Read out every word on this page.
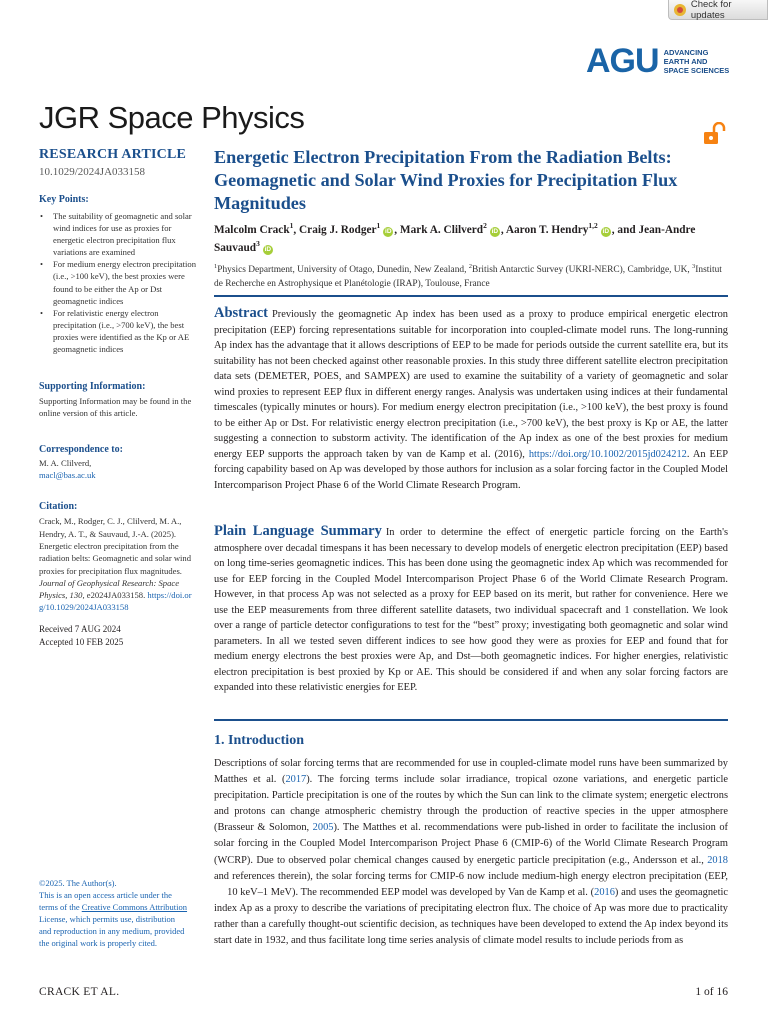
Check for updates
AGU ADVANCING
EARTH AND
SPACE SCIENCES
JGR Space Physics
RESEARCH ARTICLE
10.1029/2024JA033158
Key Points:
• The suitability of geomagnetic and solar wind indices for use as proxies for energetic electron precipitation flux variations are examined
• For medium energy electron precipitation (i.e., >100 keV), the best proxies were found to be either the Ap or Dst geomagnetic indices
• For relativistic energy electron precipitation (i.e., >700 keV), the best proxies were identified as the Kp or AE geomagnetic indices
Supporting Information:
Supporting Information may be found in the online version of this article.
Correspondence to:
M. A. Clilverd,
macl@bas.ac.uk
Citation:
Crack, M., Rodger, C. J., Clilverd, M. A., Hendry, A. T., & Sauvaud, J.-A. (2025). Energetic electron precipitation from the radiation belts: Geomagnetic and solar wind proxies for precipitation flux magnitudes. Journal of Geophysical Research: Space Physics, 130, e2024JA033158. https://doi.org/10.1029/2024JA033158
Received 7 AUG 2024
Accepted 10 FEB 2025
©2025. The Author(s).
This is an open access article under the terms of the Creative Commons Attribution License, which permits use, distribution and reproduction in any medium, provided the original work is properly cited.
Energetic Electron Precipitation From the Radiation Belts: Geomagnetic and Solar Wind Proxies for Precipitation Flux Magnitudes
Malcolm Crack$^1$, Craig J. Rodger$^1$iD , Mark A. Clilverd$^2$iD , Aaron T. Hendry$^{1,2}$iD , and Jean-Andre Sauvaud$^3$iD
$^1$Physics Department, University of Otago, Dunedin, New Zealand, $^2$British Antarctic Survey (UKRI-NERC), Cambridge, UK, $^3$Institut de Recherche en Astrophysique et Planétologie (IRAP), Toulouse, France
Abstract Previously the geomagnetic Ap index has been used as a proxy to produce empirical energetic electron precipitation (EEP) forcing representations suitable for incorporation into coupled-climate model runs. The long-running Ap index has the advantage that it allows descriptions of EEP to be made for periods outside the current satellite era, but its suitability has not been checked against other reasonable proxies. In this study three different satellite electron precipitation data sets (DEMETER, POES, and SAMPEX) are used to examine the suitability of a variety of geomagnetic and solar wind proxies to represent EEP flux in different energy ranges. Analysis was undertaken using indices at their fundamental timescales (typically minutes or hours). For medium energy electron precipitation (i.e., >100 keV), the best proxy is found to be either Ap or Dst. For relativistic energy electron precipitation (i.e., >700 keV), the best proxy is Kp or AE, the latter suggesting a connection to substorm activity. The identification of the Ap index as one of the best proxies for medium energy EEP supports the approach taken by van de Kamp et al. (2016), https://doi.org/10.1002/2015jd024212. An EEP forcing capability based on Ap was developed by those authors for inclusion as a solar forcing factor in the Coupled Model Intercomparison Project Phase 6 of the World Climate Research Program.
Plain Language Summary In order to determine the effect of energetic particle forcing on the Earth's atmosphere over decadal timespans it has been necessary to develop models of energetic electron precipitation (EEP) based on long time-series geomagnetic indices. This has been done using the geomagnetic index Ap which was recommended for use for EEP forcing in the Coupled Model Intercomparison Project Phase 6 of the World Climate Research Program. However, in that process Ap was not selected as a proxy for EEP based on its merit, but rather for convenience. Here we use the EEP measurements from three different satellite datasets, two individual spacecraft and 1 constellation. We look over a range of particle detector configurations to test for the “best” proxy; investigating both geomagnetic and solar wind parameters. In all we tested seven different indices to see how good they were as proxies for EEP and found that for medium energy electrons the best proxies were Ap, and Dst—both geomagnetic indices. For higher energies, relativistic electron precipitation is best proxied by Kp or AE. This should be considered if and when any solar forcing factors are expanded into these relativistic energies for EEP.
1. Introduction
Descriptions of solar forcing terms that are recommended for use in coupled-climate model runs have been summarized by Matthes et al. (2017). The forcing terms include solar irradiance, tropical ozone variations, and energetic particle precipitation. Particle precipitation is one of the routes by which the Sun can link to the climate system; energetic electrons and protons can change atmospheric chemistry through the production of reactive species in the upper atmosphere (Brasseur & Solomon, 2005). The Matthes et al. recommendations were pub-lished in order to facilitate the inclusion of solar forcing in the Coupled Model Intercomparison Project Phase 6 (CMIP-6) of the World Climate Research Program (WCRP). Due to observed polar chemical changes caused by energetic particle precipitation (e.g., Andersson et al., 2018 and references therein), the solar forcing terms for CMIP-6 now include medium-high energy electron precipitation (EEP,   10 keV–1 MeV). The recommended EEP model was developed by Van de Kamp et al. (2016) and uses the geomagnetic index Ap as a proxy to describe the variations of precipitating electron flux. The choice of Ap was more due to practicality rather than a carefully thought-out scientific decision, as techniques have been developed to extend the Ap index beyond its start date in 1932, and thus facilitate long time series analysis of climate model results to include periods from as
CRACK ET AL.	1 of 16
